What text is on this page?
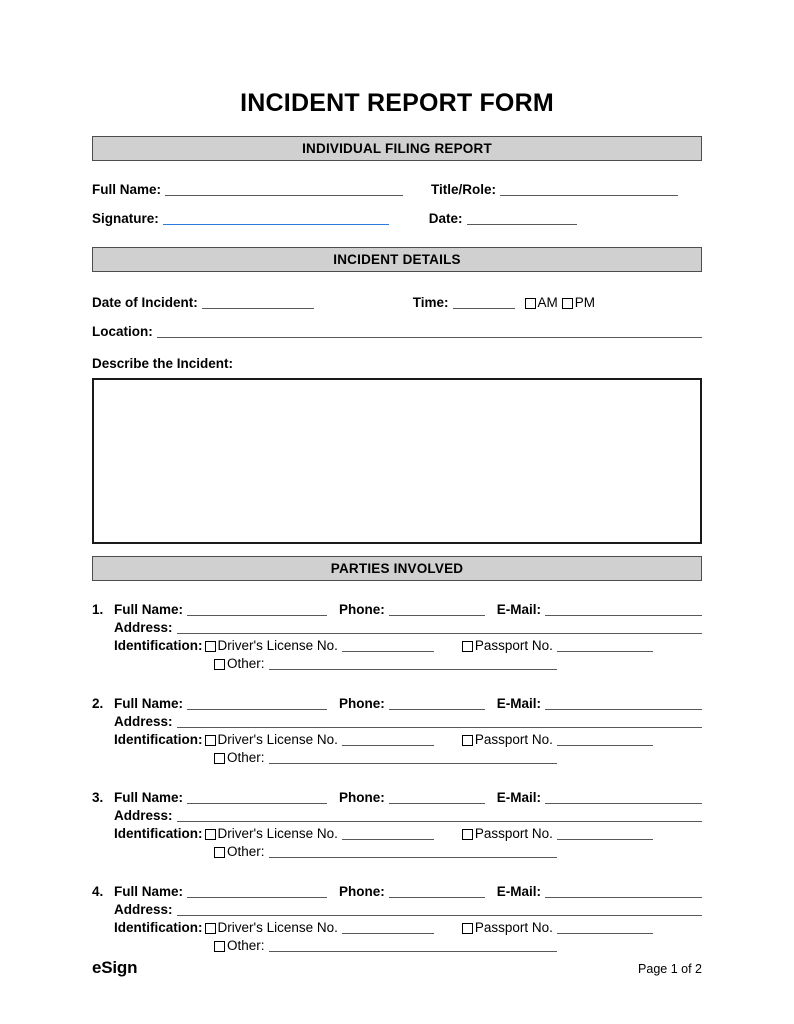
INCIDENT REPORT FORM
INDIVIDUAL FILING REPORT
Full Name:	Title/Role:
Signature:	Date:
INCIDENT DETAILS
Date of Incident:	Time:	AM PM
Location:
Describe the Incident:
PARTIES INVOLVED
1. Full Name:	Phone:	E-Mail:
Address:
Identification: Driver's License No.	Passport No.
Other:
2. Full Name:	Phone:	E-Mail:
Address:
Identification: Driver's License No.	Passport No.
Other:
3. Full Name:	Phone:	E-Mail:
Address:
Identification: Driver's License No.	Passport No.
Other:
4. Full Name:	Phone:	E-Mail:
Address:
Identification: Driver's License No.	Passport No.
Other:
eSign	Page 1 of 2
